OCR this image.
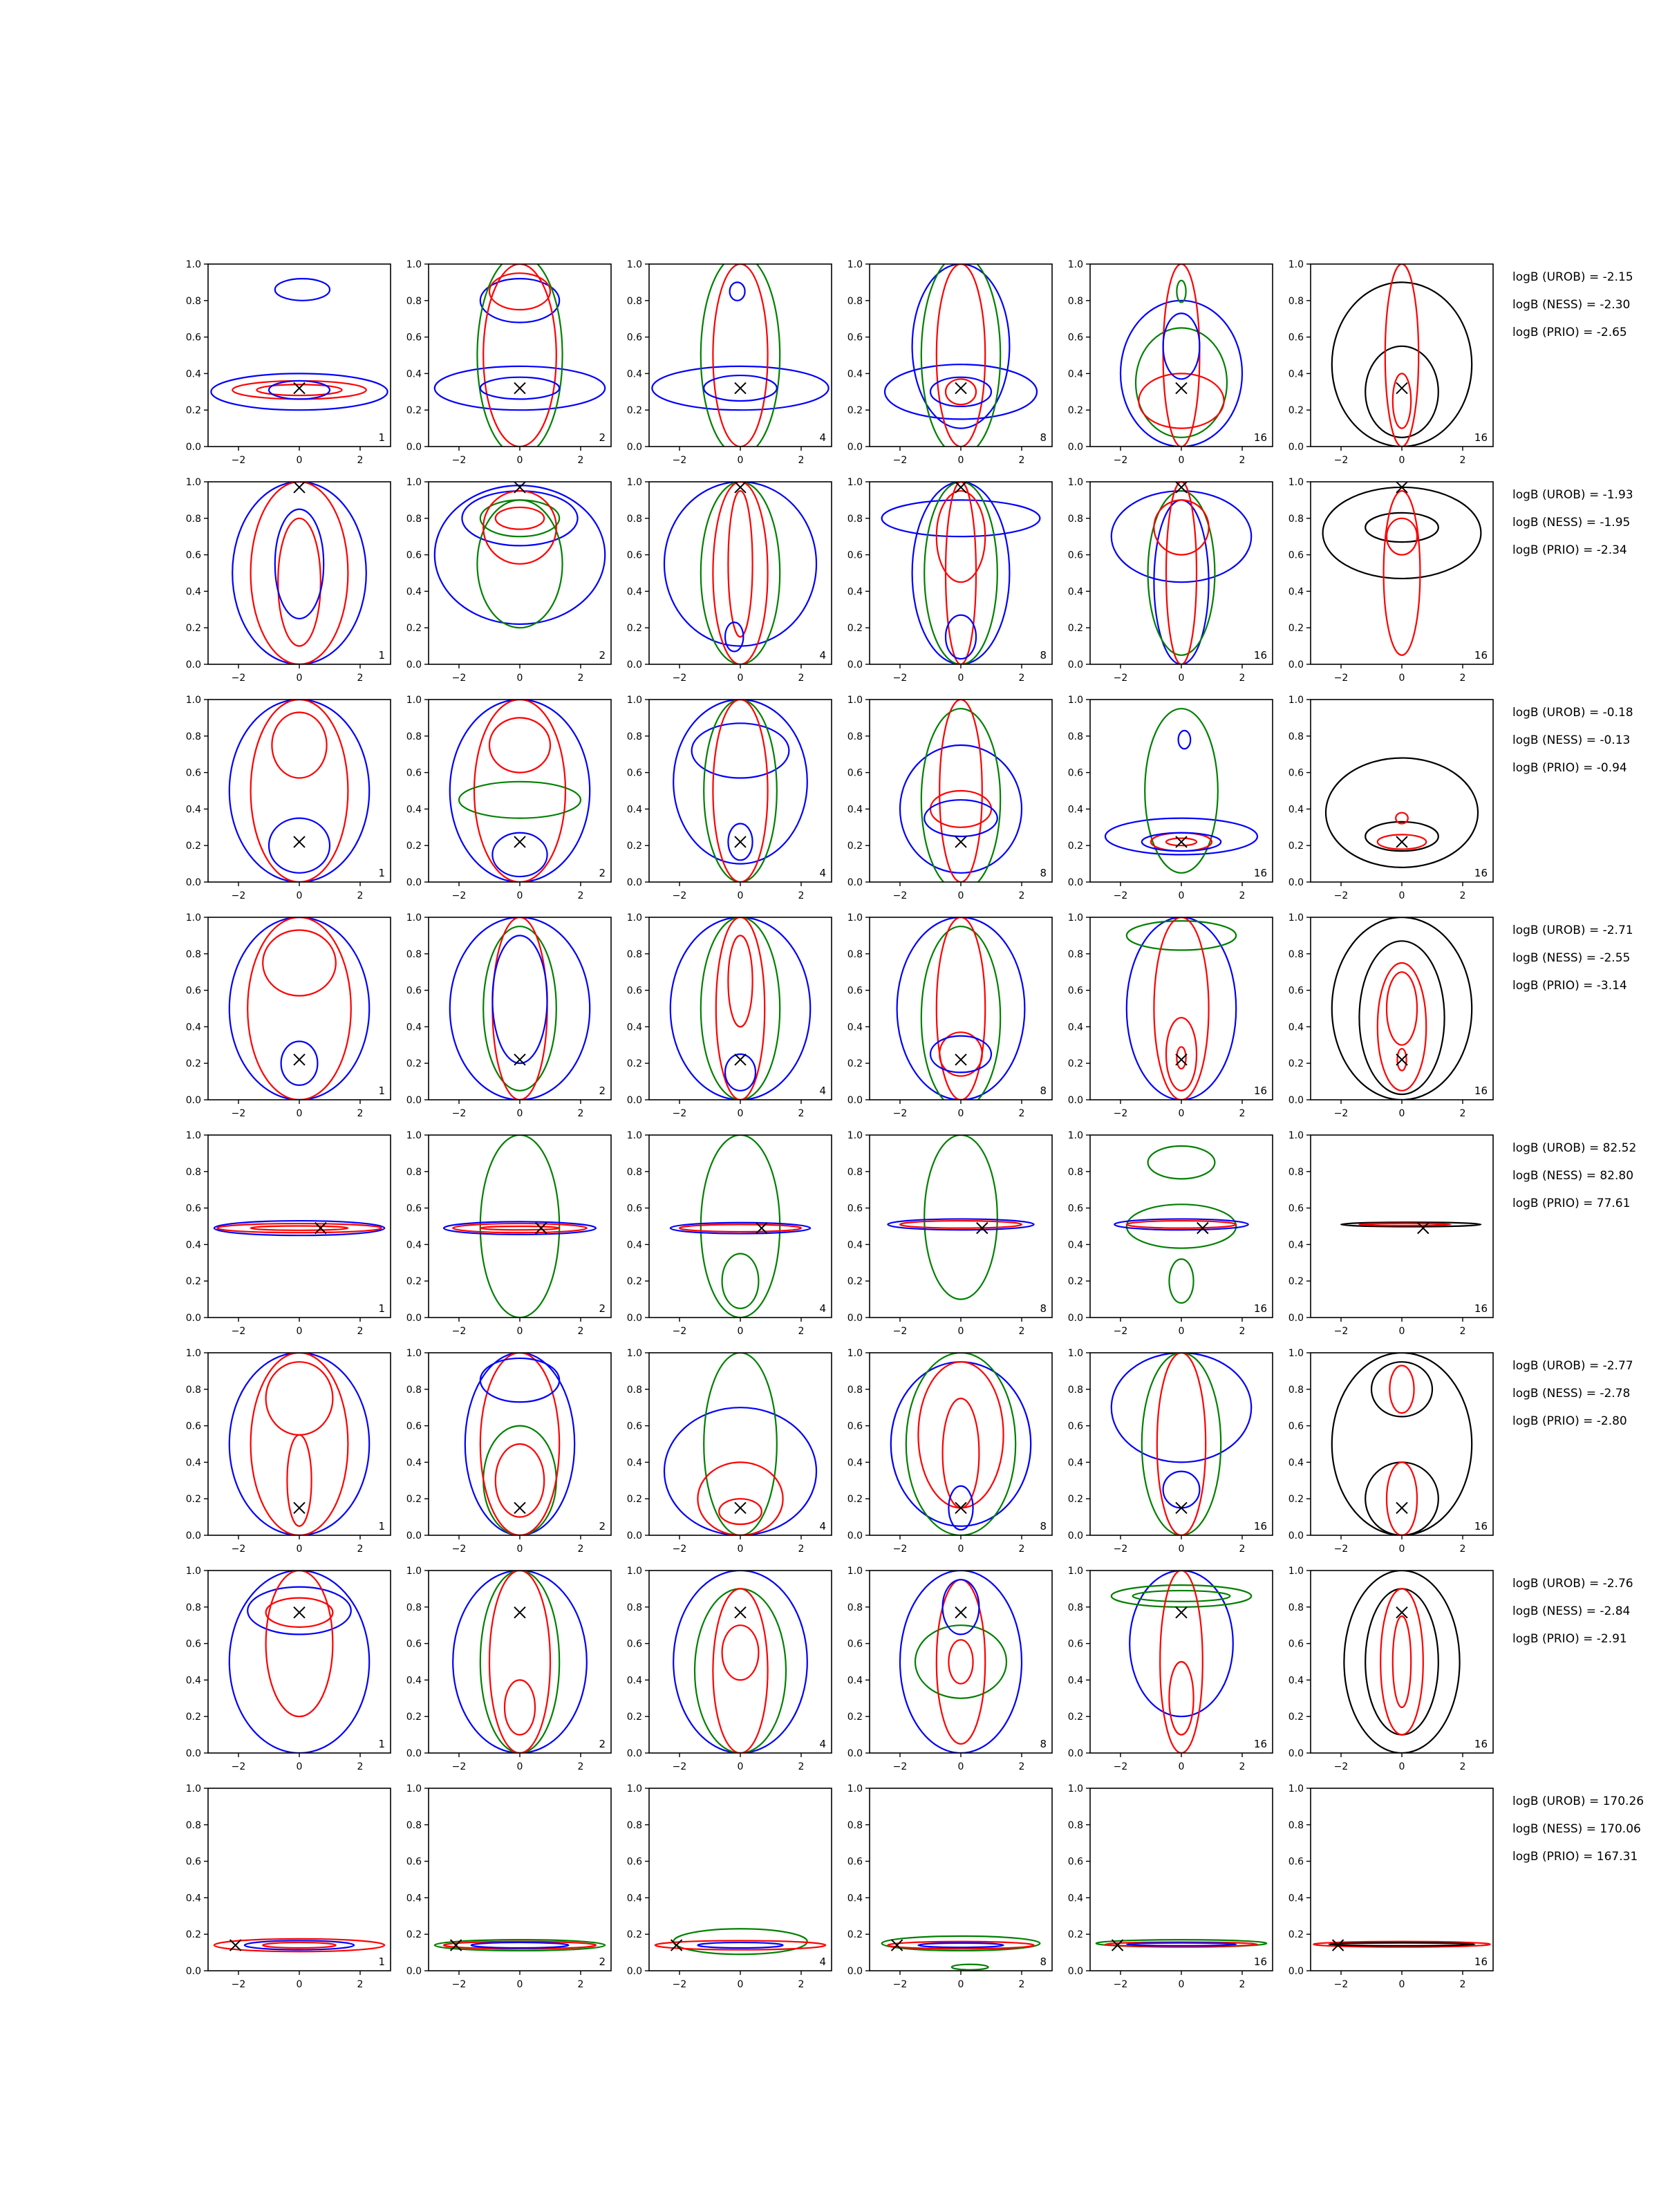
0.0
0.2
0.4
0.6
0.8
1.0
−2	0	2
1
0.0
0.2
0.4
0.6
0.8
1.0
−2	0	2
2
0.0
0.2
0.4
0.6
0.8
1.0
−2	0	2
4
0.0
0.2
0.4
0.6
0.8
1.0
−2	0	2
8
0.0
0.2
0.4
0.6
0.8
1.0
−2	0	2
16
0.0
0.2
0.4
0.6
0.8
1.0
−2	0	2
16
logB (UROB) = -2.15
logB (NESS) = -2.30
logB (PRIO) = -2.65
0.0
0.2
0.4
0.6
0.8
1.0
−2	0	2
1
0.0
0.2
0.4
0.6
0.8
1.0
−2	0	2
2
0.0
0.2
0.4
0.6
0.8
1.0
−2	0	2
4
0.0
0.2
0.4
0.6
0.8
1.0
−2	0	2
8
0.0
0.2
0.4
0.6
0.8
1.0
−2	0	2
16
0.0
0.2
0.4
0.6
0.8
1.0
−2	0	2
16
logB (UROB) = -1.93
logB (NESS) = -1.95
logB (PRIO) = -2.34
0.0
0.2
0.4
0.6
0.8
1.0
−2	0	2
1
0.0
0.2
0.4
0.6
0.8
1.0
−2	0	2
2
0.0
0.2
0.4
0.6
0.8
1.0
−2	0	2
4
0.0
0.2
0.4
0.6
0.8
1.0
−2	0	2
8
0.0
0.2
0.4
0.6
0.8
1.0
−2	0	2
16
0.0
0.2
0.4
0.6
0.8
1.0
−2	0	2
16
logB (UROB) = -0.18
logB (NESS) = -0.13
logB (PRIO) = -0.94
0.0
0.2
0.4
0.6
0.8
1.0
−2	0	2
1
0.0
0.2
0.4
0.6
0.8
1.0
−2	0	2
2
0.0
0.2
0.4
0.6
0.8
1.0
−2	0	2
4
0.0
0.2
0.4
0.6
0.8
1.0
−2	0	2
8
0.0
0.2
0.4
0.6
0.8
1.0
−2	0	2
16
0.0
0.2
0.4
0.6
0.8
1.0
−2	0	2
16
logB (UROB) = -2.71
logB (NESS) = -2.55
logB (PRIO) = -3.14
0.0
0.2
0.4
0.6
0.8
1.0
−2	0	2
1
0.0
0.2
0.4
0.6
0.8
1.0
−2	0	2
2
0.0
0.2
0.4
0.6
0.8
1.0
−2	0	2
4
0.0
0.2
0.4
0.6
0.8
1.0
−2	0	2
8
0.0
0.2
0.4
0.6
0.8
1.0
−2	0	2
16
0.0
0.2
0.4
0.6
0.8
1.0
−2	0	2
16
logB (UROB) = 82.52
logB (NESS) = 82.80
logB (PRIO) = 77.61
0.0
0.2
0.4
0.6
0.8
1.0
−2	0	2
1
0.0
0.2
0.4
0.6
0.8
1.0
−2	0	2
2
0.0
0.2
0.4
0.6
0.8
1.0
−2	0	2
4
0.0
0.2
0.4
0.6
0.8
1.0
−2	0	2
8
0.0
0.2
0.4
0.6
0.8
1.0
−2	0	2
16
0.0
0.2
0.4
0.6
0.8
1.0
−2	0	2
16
logB (UROB) = -2.77
logB (NESS) = -2.78
logB (PRIO) = -2.80
0.0
0.2
0.4
0.6
0.8
1.0
−2	0	2
1
0.0
0.2
0.4
0.6
0.8
1.0
−2	0	2
2
0.0
0.2
0.4
0.6
0.8
1.0
−2	0	2
4
0.0
0.2
0.4
0.6
0.8
1.0
−2	0	2
8
0.0
0.2
0.4
0.6
0.8
1.0
−2	0	2
16
0.0
0.2
0.4
0.6
0.8
1.0
−2	0	2
16
logB (UROB) = -2.76
logB (NESS) = -2.84
logB (PRIO) = -2.91
0.0
0.2
0.4
0.6
0.8
1.0
−2	0	2
1
0.0
0.2
0.4
0.6
0.8
1.0
−2	0	2
2
0.0
0.2
0.4
0.6
0.8
1.0
−2	0	2
4
0.0
0.2
0.4
0.6
0.8
1.0
−2	0	2
8
0.0
0.2
0.4
0.6
0.8
1.0
−2	0	2
16
0.0
0.2
0.4
0.6
0.8
1.0
−2	0	2
16
logB (UROB) = 170.26
logB (NESS) = 170.06
logB (PRIO) = 167.31
